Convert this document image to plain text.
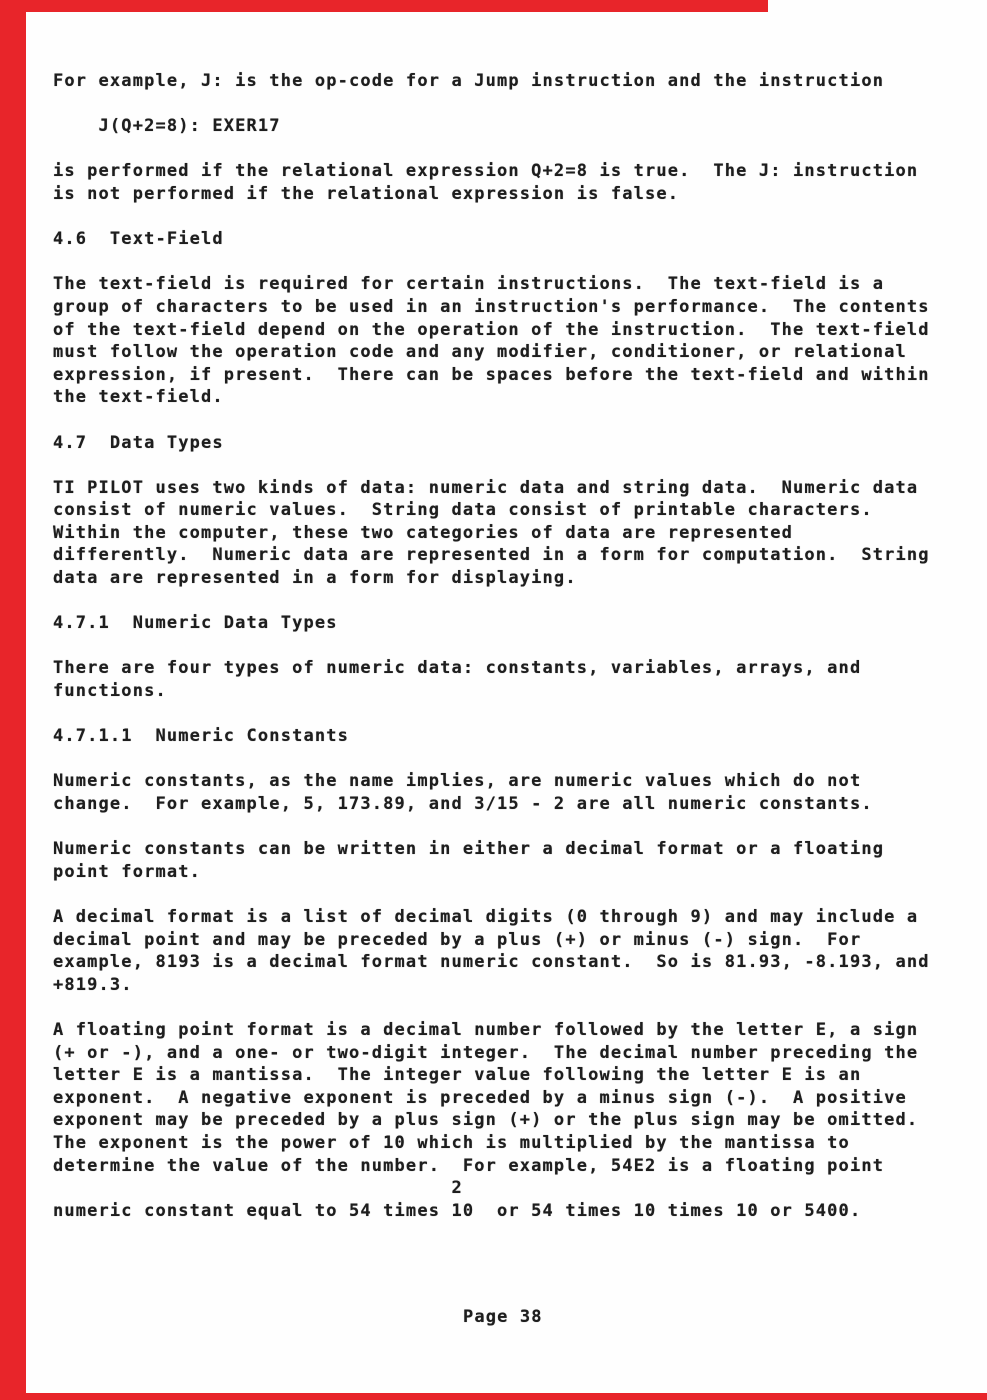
For example, J: is the op-code for a Jump instruction and the instruction
J(Q+2=8): EXER17
is performed if the relational expression Q+2=8 is true.  The J: instruction
is not performed if the relational expression is false.
4.6  Text-Field
The text-field is required for certain instructions.  The text-field is a
group of characters to be used in an instruction's performance.  The contents
of the text-field depend on the operation of the instruction.  The text-field
must follow the operation code and any modifier, conditioner, or relational
expression, if present.  There can be spaces before the text-field and within
the text-field.
4.7  Data Types
TI PILOT uses two kinds of data: numeric data and string data.  Numeric data
consist of numeric values.  String data consist of printable characters.
Within the computer, these two categories of data are represented
differently.  Numeric data are represented in a form for computation.  String
data are represented in a form for displaying.
4.7.1  Numeric Data Types
There are four types of numeric data: constants, variables, arrays, and
functions.
4.7.1.1  Numeric Constants
Numeric constants, as the name implies, are numeric values which do not
change.  For example, 5, 173.89, and 3/15 - 2 are all numeric constants.
Numeric constants can be written in either a decimal format or a floating
point format.
A decimal format is a list of decimal digits (0 through 9) and may include a
decimal point and may be preceded by a plus (+) or minus (-) sign.  For
example, 8193 is a decimal format numeric constant.  So is 81.93, -8.193, and
+819.3.
A floating point format is a decimal number followed by the letter E, a sign
(+ or -), and a one- or two-digit integer.  The decimal number preceding the
letter E is a mantissa.  The integer value following the letter E is an
exponent.  A negative exponent is preceded by a minus sign (-).  A positive
exponent may be preceded by a plus sign (+) or the plus sign may be omitted.
The exponent is the power of 10 which is multiplied by the mantissa to
determine the value of the number.  For example, 54E2 is a floating point
2
numeric constant equal to 54 times 10  or 54 times 10 times 10 or 5400.
Page 38
